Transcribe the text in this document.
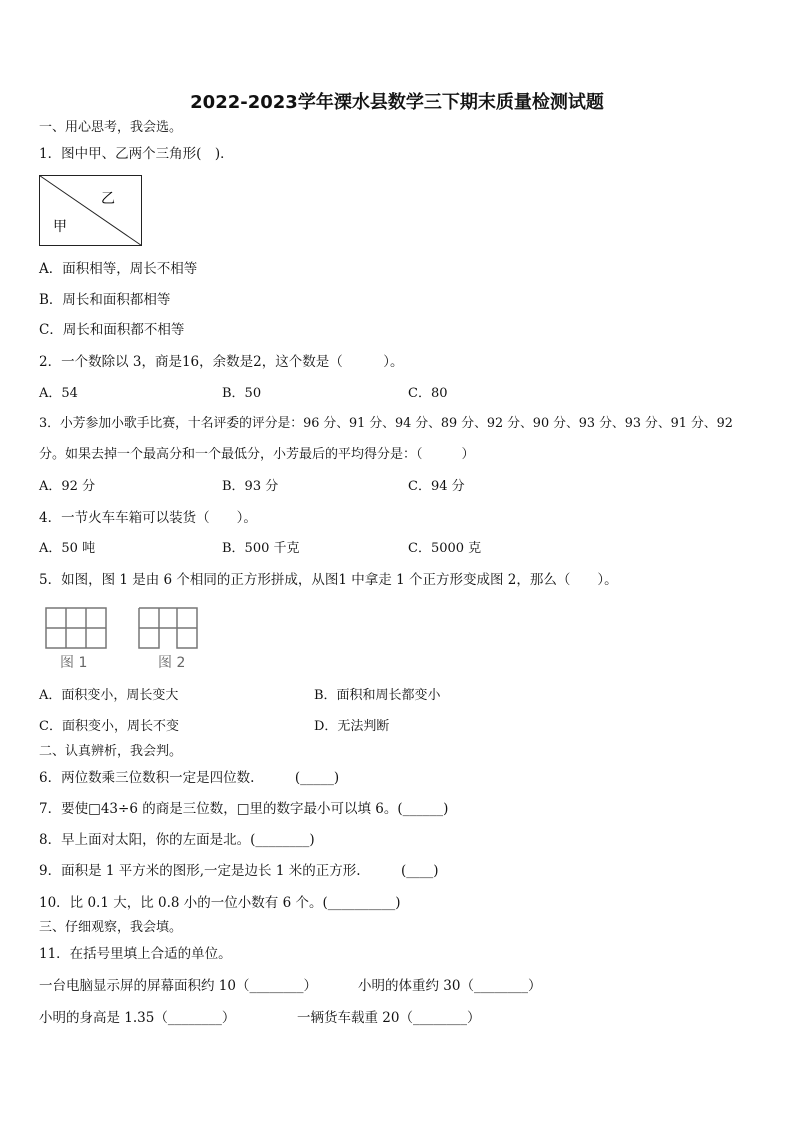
2022-2023学年溧水县数学三下期末质量检测试题
一、用心思考，我会选。
1．图中甲、乙两个三角形(　)．
乙
甲
A．面积相等，周长不相等
B．周长和面积都相等
C．周长和面积都不相等
2．一个数除以 3，商是16，余数是2，这个数是（　　　）。
A．54	B．50	C．80
3．小芳参加小歌手比赛，十名评委的评分是：96 分、91 分、94 分、89 分、92 分、90 分、93 分、93 分、91 分、92
分。如果去掉一个最高分和一个最低分，小芳最后的平均得分是：（　　　）
A．92 分	B．93 分	C．94 分
4．一节火车车箱可以装货（　　）。
A．50 吨	B．500 千克	C．5000 克
5．如图，图 1 是由 6 个相同的正方形拼成，从图1 中拿走 1 个正方形变成图 2，那么（　　）。
图 1	图 2
A．面积变小，周长变大	B．面积和周长都变小
C．面积变小，周长不变	D．无法判断
二、认真辨析，我会判。
6．两位数乘三位数积一定是四位数.　　　(_____)
7．要使□43÷6 的商是三位数，□里的数字最小可以填 6。(______)
8．早上面对太阳，你的左面是北。(________)
9．面积是 1 平方米的图形,一定是边长 1 米的正方形.　　　(____)
10．比 0.1 大，比 0.8 小的一位小数有 6 个。(__________)
三、仔细观察，我会填。
11．在括号里填上合适的单位。
一台电脑显示屏的屏幕面积约 10（________）	小明的体重约 30（________）
小明的身高是 1.35（________）	一辆货车载重 20（________）
